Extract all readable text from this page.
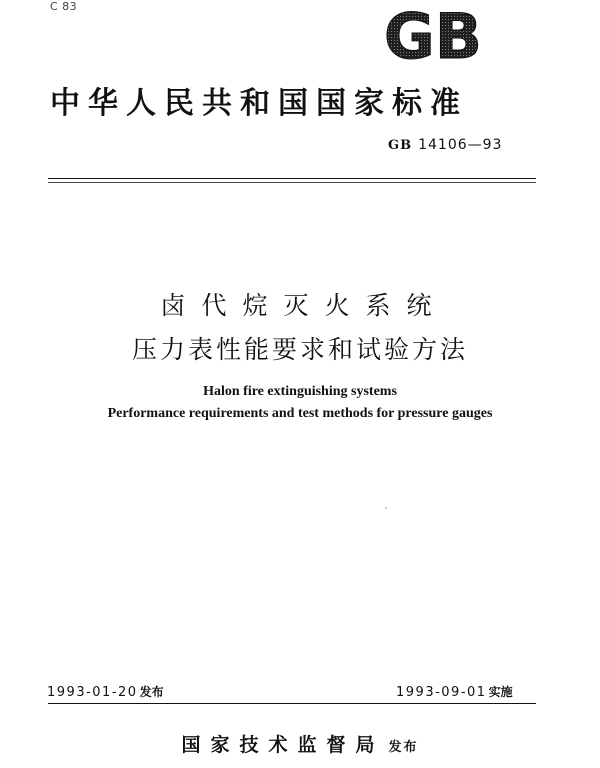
C 83	GB
中华人民共和国国家标准
GB 14106—93
卤代烷灭火系统
压力表性能要求和试验方法
Halon fire extinguishing systems
Performance requirements and test methods for pressure gauges
1993-01-20 发布	1993-09-01 实施
国家技术监督局 发布
